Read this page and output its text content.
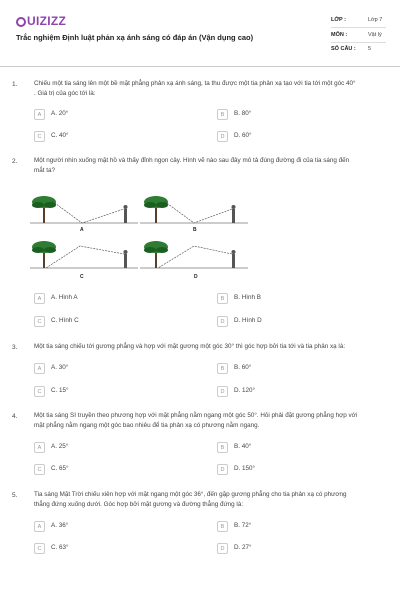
UIZIZZ
Trắc nghiệm Định luật phản xạ ánh sáng có đáp án (Vận dụng cao)
LỚP :	Lớp 7
MÔN :	Vật lý
SỐ CÂU : 5
1.	Chiếu một tia sáng lên một bề mặt phẳng phản xạ ánh sáng, ta thu được một tia phản xạ tạo với tia tới một góc 40°
. Giá trị của góc tới là:
A	A. 20°	B	B. 80°
C	C. 40°	D	D. 60°
2.	Một người nhìn xuống mặt hồ và thấy đỉnh ngọn cây. Hình vẽ nào sau đây mô tả đúng đường đi của tia sáng đến
mắt ta?
A	B
C	D
A	A. Hình A	B	B. Hình B
C	C. Hình C	D	D. Hình D
3.	Một tia sáng chiếu tới gương phẳng và hợp với mặt gương một góc 30° thì góc hợp bởi tia tới và tia phản xạ là:
A	A. 30°	B	B. 60°
C	C. 15°	D	D. 120°
4.	Một tia sáng SI truyền theo phương hợp với mặt phẳng nằm ngang một góc 50°. Hỏi phải đặt gương phẳng hợp với
mặt phẳng nằm ngang một góc bao nhiêu để tia phản xạ có phương nằm ngang.
A	A. 25°	B	B. 40°
C	C. 65°	D	D. 150°
5.	Tia sáng Mặt Trời chiếu xiên hợp với mặt ngang một góc 36°, đến gặp gương phẳng cho tia phản xạ có phương
thẳng đứng xuống dưới. Góc hợp bởi mặt gương và đường thẳng đứng là:
A	A. 36°	B	B. 72°
C	C. 63°	D	D. 27°
